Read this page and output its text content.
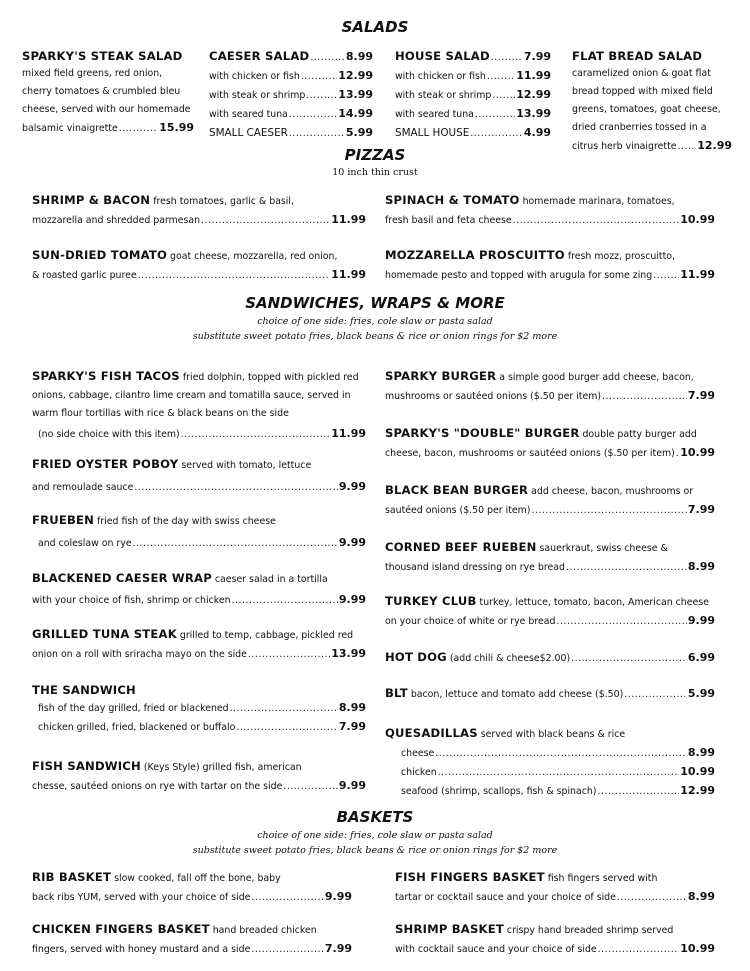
SALADS
SPARKY'S STEAK SALAD
mixed field greens, red onion,
cherry tomatoes & crumbled bleu
cheese, served with our homemade
balsamic vinaigrette .....	15.99
CAESER SALAD .....	8.99
with chicken or fish .....	12.99
with steak or shrimp .....	13.99
with seared tuna .....	14.99
SMALL CAESER .....	5.99
HOUSE SALAD .....	7.99
with chicken or fish .....	11.99
with steak or shrimp ..... 12.99
with seared tuna .....	13.99
SMALL HOUSE .....	4.99
FLAT BREAD SALAD
caramelized onion & goat flat
bread topped with mixed field
greens, tomatoes, goat cheese,
dried cranberries tossed in a
citrus herb vinaigrette ..... 12.99
PIZZAS
10 inch thin crust
SHRIMP & BACON fresh tomatoes, garlic & basil,
mozzarella and shredded parmesan .....	11.99
SPINACH & TOMATO homemade marinara, tomatoes,
fresh basil and feta cheese .....	10.99
SUN-DRIED TOMATO goat cheese, mozzarella, red onion,
& roasted garlic puree .....	11.99
MOZZARELLA PROSCUITTO fresh mozz, proscuitto,
homemade pesto and topped with arugula for some zing .....	11.99
SANDWICHES, WRAPS & MORE
choice of one side: fries, cole slaw or pasta salad
substitute sweet potato fries, black beans & rice or onion rings for $2 more
SPARKY'S FISH TACOS fried dolphin, topped with pickled red
onions, cabbage, cilantro lime cream and tomatilla sauce, served in
warm flour tortillas with rice & black beans on the side
(no side choice with this item) .....	11.99
FRIED OYSTER POBOY served with tomato, lettuce
and remoulade sauce .....	9.99
FRUEBEN fried fish of the day with swiss cheese
and coleslaw on rye .....	9.99
BLACKENED CAESER WRAP caeser salad in a tortilla
with your choice of fish, shrimp or chicken .....	9.99
GRILLED TUNA STEAK grilled to temp, cabbage, pickled red
onion on a roll with sriracha mayo on the side .....	13.99
THE SANDWICH
fish of the day grilled, fried or blackened .....	8.99
chicken grilled, fried, blackened or buffalo .....	7.99
FISH SANDWICH (Keys Style) grilled fish, american
chesse, sautéed onions on rye with tartar on the side .....	9.99
SPARKY BURGER a simple good burger add cheese, bacon,
mushrooms or sautéed onions ($.50 per item) .....	7.99
SPARKY'S "DOUBLE" BURGER double patty burger add
cheese, bacon, mushrooms or sautéed onions ($.50 per item) ..... 10.99
BLACK BEAN BURGER add cheese, bacon, mushrooms or
sautéed onions ($.50 per item) .....	7.99
CORNED BEEF RUEBEN sauerkraut, swiss cheese &
thousand island dressing on rye bread .....	8.99
TURKEY CLUB turkey, lettuce, tomato, bacon, American cheese
on your choice of white or rye bread .....	9.99
HOT DOG
(add chili & cheese$2.00) .....	6.99
BLT
bacon, lettuce and tomato add cheese ($.50) .....	5.99
QUESADILLAS served with black beans & rice
cheese .....	8.99
chicken .....	10.99
seafood (shrimp, scallops, fish & spinach) .....	12.99
BASKETS
choice of one side: fries, cole slaw or pasta salad
substitute sweet potato fries, black beans & rice or onion rings for $2 more
RIB BASKET slow cooked, fall off the bone, baby
back ribs YUM, served with your choice of side .....	9.99
CHICKEN FINGERS BASKET hand breaded chicken
fingers, served with honey mustard and a side .....	7.99
FISH FINGERS BASKET fish fingers served with
tartar or cocktail sauce and your choice of side .....	8.99
SHRIMP BASKET crispy hand breaded shrimp served
with cocktail sauce and your choice of side .....	10.99
